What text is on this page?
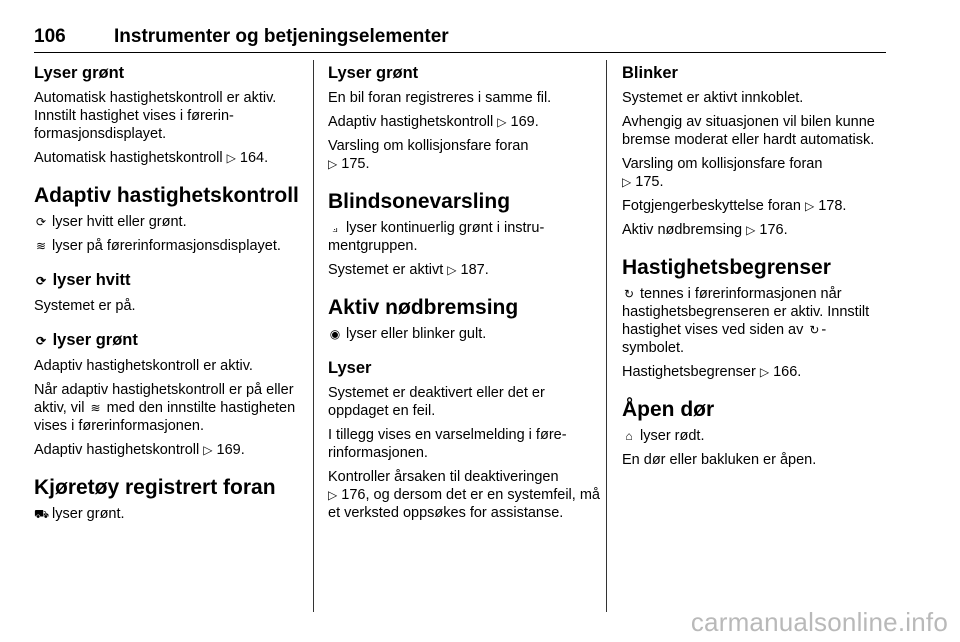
106	Instrumenter og betjeningselementer
Lyser grønt
Automatisk hastighetskontroll er aktiv. Innstilt hastighet vises i førerinformasjonsdisplayet.
Automatisk hastighetskontroll ▷ 164.
Adaptiv hastighetskontroll
⟳ lyser hvitt eller grønt.
≋ lyser på førerinformasjonsdisplayet.
⟳ lyser hvitt
Systemet er på.
⟳ lyser grønt
Adaptiv hastighetskontroll er aktiv.
Når adaptiv hastighetskontroll er på eller aktiv, vil ≋ med den innstilte hastigheten vises i førerinformasjonen.
Adaptiv hastighetskontroll ▷ 169.
Kjøretøy registrert foran
⛟ lyser grønt.
Lyser grønt
En bil foran registreres i samme fil.
Adaptiv hastighetskontroll ▷ 169.
Varsling om kollisjonsfare foran
▷ 175.
Blindsonevarsling
⟓ lyser kontinuerlig grønt i instrumentgruppen.
Systemet er aktivt ▷ 187.
Aktiv nødbremsing
◉ lyser eller blinker gult.
Lyser
Systemet er deaktivert eller det er oppdaget en feil.
I tillegg vises en varselmelding i førerinformasjonen.
Kontroller årsaken til deaktiveringen
▷ 176, og dersom det er en systemfeil, må et verksted oppsøkes for assistanse.
Blinker
Systemet er aktivt innkoblet.
Avhengig av situasjonen vil bilen kunne bremse moderat eller hardt automatisk.
Varsling om kollisjonsfare foran
▷ 175.
Fotgjengerbeskyttelse foran ▷ 178.
Aktiv nødbremsing ▷ 176.
Hastighetsbegrenser
↻ tennes i førerinformasjonen når hastighetsbegrenseren er aktiv. Innstilt hastighet vises ved siden av ↻ -symbolet.
Hastighetsbegrenser ▷ 166.
Åpen dør
⌂ lyser rødt.
En dør eller bakluken er åpen.
carmanualsonline.info
